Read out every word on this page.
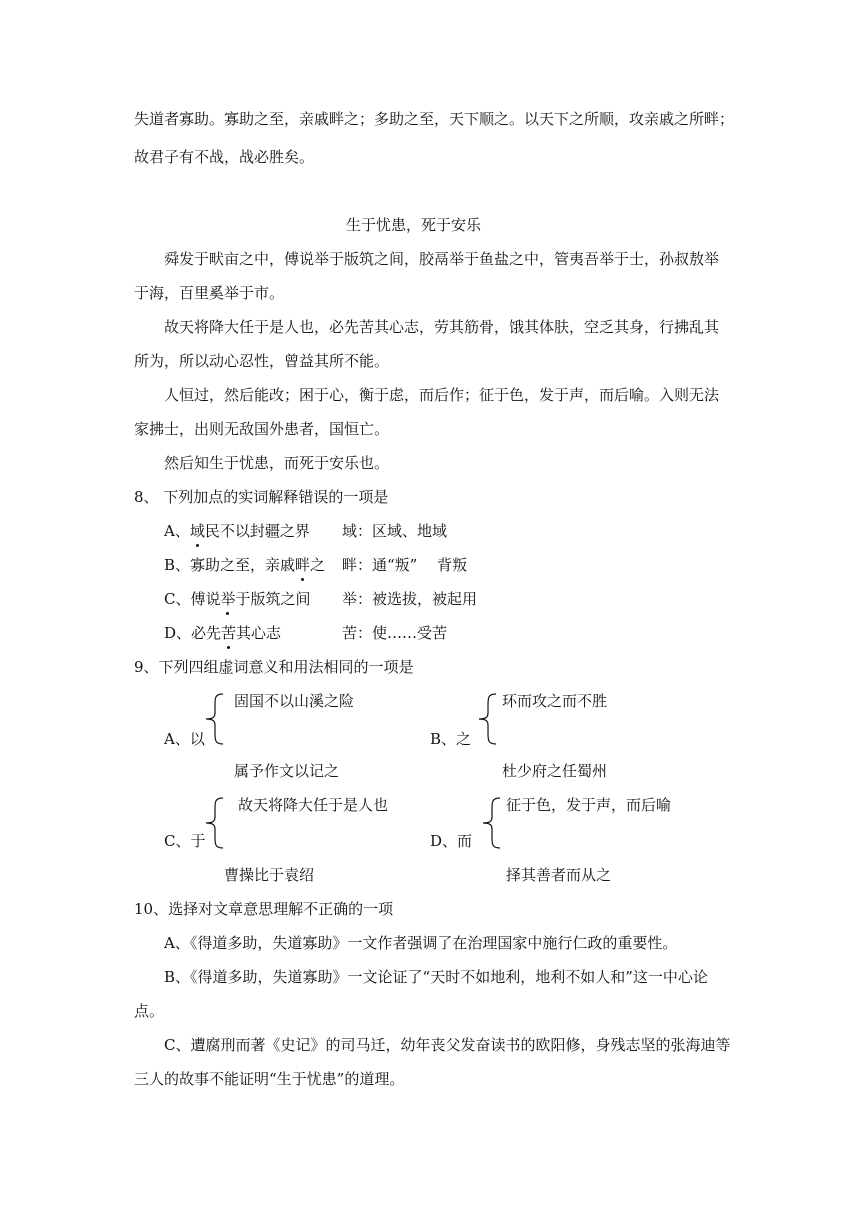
失道者寡助。寡助之至，亲戚畔之；多助之至，天下顺之。以天下之所顺，攻亲戚之所畔；
故君子有不战，战必胜矣。
生于忧患，死于安乐
舜发于畎亩之中，傅说举于版筑之间，胶鬲举于鱼盐之中，管夷吾举于士，孙叔敖举
于海，百里奚举于市。
故天将降大任于是人也，必先苦其心志，劳其筋骨，饿其体肤，空乏其身，行拂乱其
所为，所以动心忍性，曾益其所不能。
人恒过，然后能改；困于心，衡于虑，而后作；征于色，发于声，而后喻。入则无法
家拂士，出则无敌国外患者，国恒亡。
然后知生于忧患，而死于安乐也。
8、 下列加点的实词解释错误的一项是
A、域民不以封疆之界 域：区域、地域
B、寡助之至，亲戚畔之 畔：通“叛”　 背叛
C、傅说举于版筑之间 举：被选拔，被起用
D、必先苦其心志	苦：使……受苦
9、下列四组虚词意义和用法相同的一项是
固国不以山溪之险
A、以
属予作文以记之
环而攻之而不胜
B、之
杜少府之任蜀州
故天将降大任于是人也
C、于
曹操比于袁绍
征于色，发于声，而后喻
D、而
择其善者而从之
10、选择对文章意思理解不正确的一项
A、《得道多助，失道寡助》一文作者强调了在治理国家中施行仁政的重要性。
B、《得道多助，失道寡助》一文论证了“天时不如地利，地利不如人和”这一中心论
点。
C、遭腐刑而著《史记》的司马迁，幼年丧父发奋读书的欧阳修，身残志坚的张海迪等
三人的故事不能证明“生于忧患”的道理。
